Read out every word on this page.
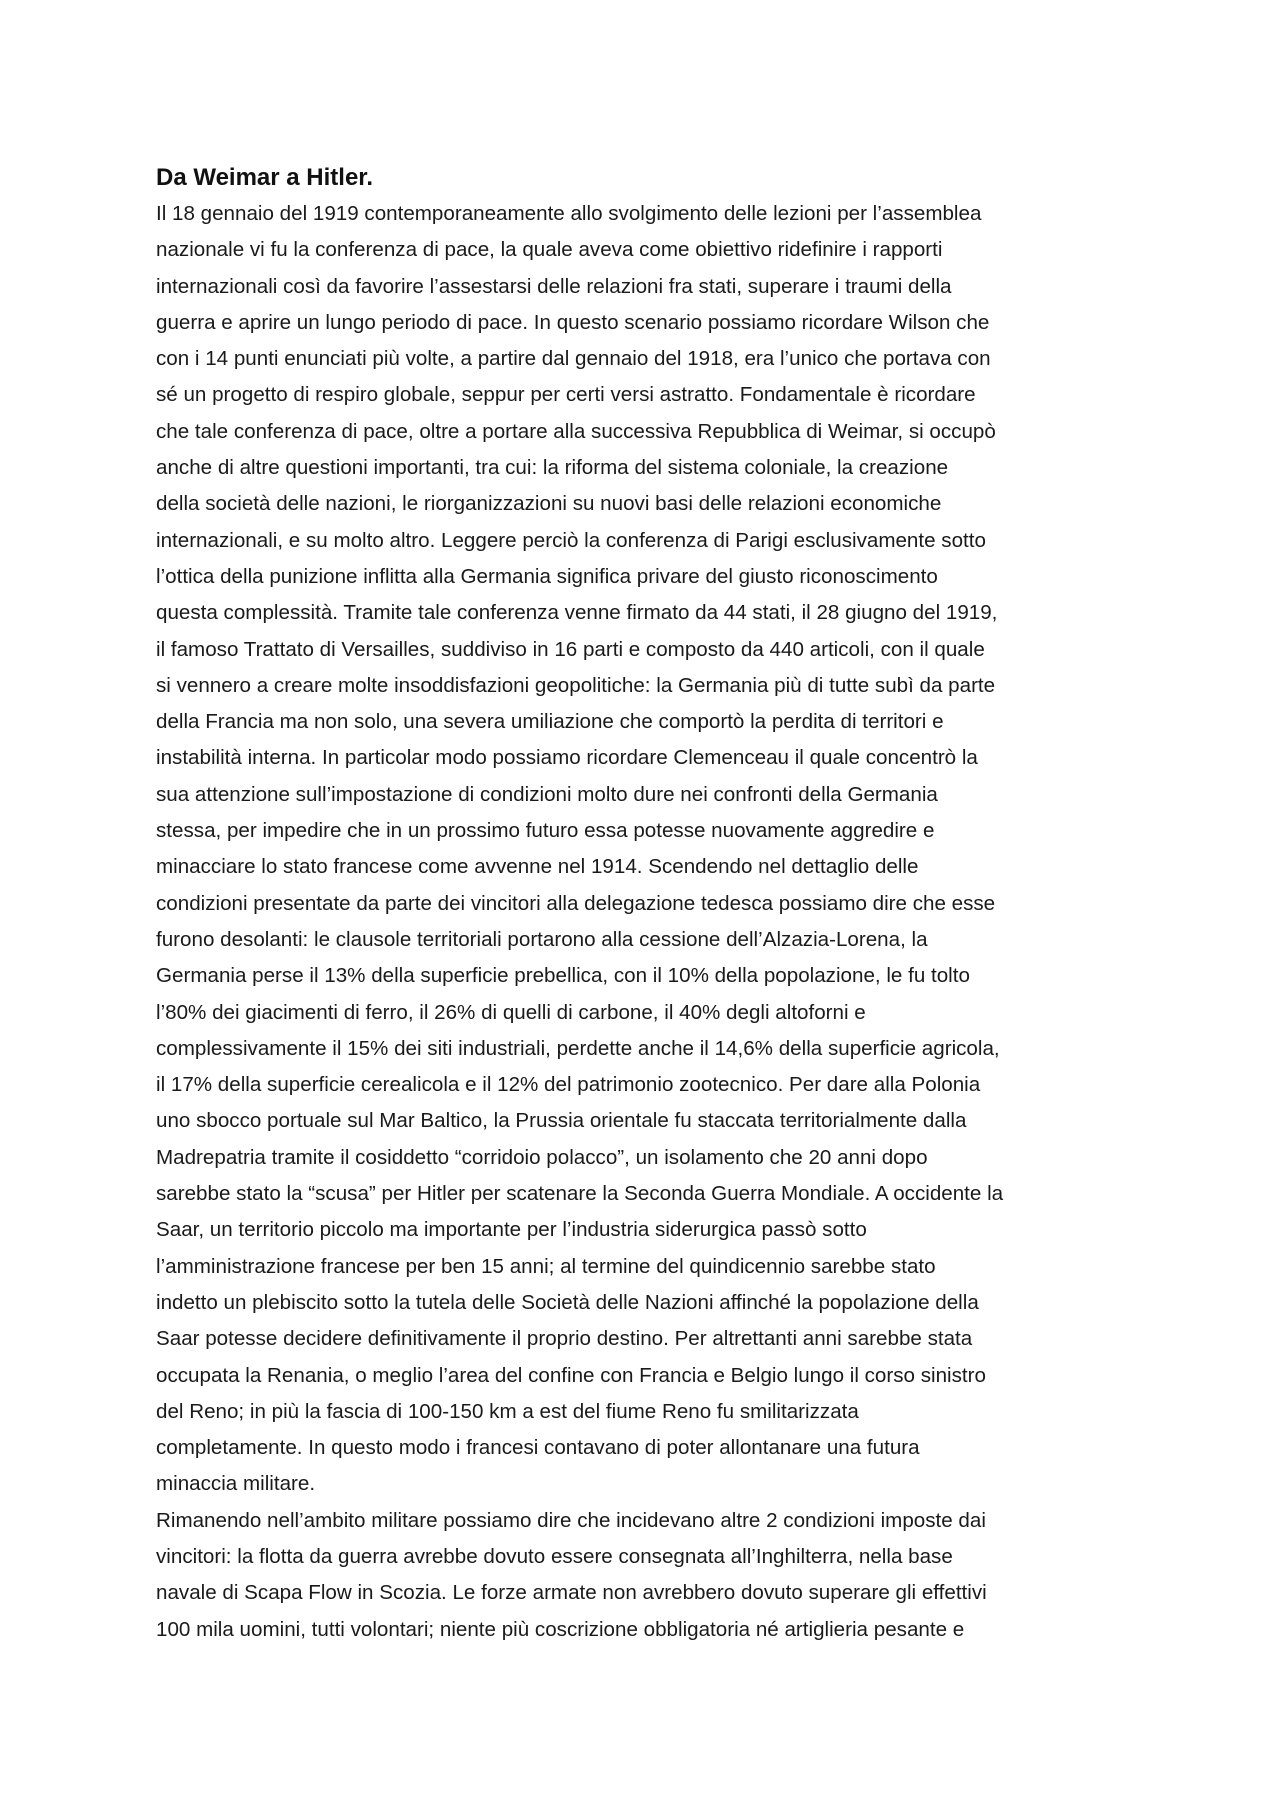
Da Weimar a Hitler.

Il 18 gennaio del 1919 contemporaneamente allo svolgimento delle lezioni per l’assemblea
nazionale vi fu la conferenza di pace, la quale aveva come obiettivo ridefinire i rapporti
internazionali così da favorire l’assestarsi delle relazioni fra stati, superare i traumi della
guerra e aprire un lungo periodo di pace. In questo scenario possiamo ricordare Wilson che
con i 14 punti enunciati più volte, a partire dal gennaio del 1918, era l’unico che portava con
sé un progetto di respiro globale, seppur per certi versi astratto. Fondamentale è ricordare
che tale conferenza di pace, oltre a portare alla successiva Repubblica di Weimar, si occupò
anche di altre questioni importanti, tra cui: la riforma del sistema coloniale, la creazione
della società delle nazioni, le riorganizzazioni su nuovi basi delle relazioni economiche
internazionali, e su molto altro. Leggere perciò la conferenza di Parigi esclusivamente sotto
l’ottica della punizione inflitta alla Germania significa privare del giusto riconoscimento
questa complessità. Tramite tale conferenza venne firmato da 44 stati, il 28 giugno del 1919,
il famoso Trattato di Versailles, suddiviso in 16 parti e composto da 440 articoli, con il quale
si vennero a creare molte insoddisfazioni geopolitiche: la Germania più di tutte subì da parte
della Francia ma non solo, una severa umiliazione che comportò la perdita di territori e
instabilità interna. In particolar modo possiamo ricordare Clemenceau il quale concentrò la
sua attenzione sull’impostazione di condizioni molto dure nei confronti della Germania
stessa, per impedire che in un prossimo futuro essa potesse nuovamente aggredire e
minacciare lo stato francese come avvenne nel 1914. Scendendo nel dettaglio delle
condizioni presentate da parte dei vincitori alla delegazione tedesca possiamo dire che esse
furono desolanti: le clausole territoriali portarono alla cessione dell’Alzazia-Lorena, la
Germania perse il 13% della superficie prebellica, con il 10% della popolazione, le fu tolto
l’80% dei giacimenti di ferro, il 26% di quelli di carbone, il 40% degli altoforni e
complessivamente il 15% dei siti industriali, perdette anche il 14,6% della superficie agricola,
il 17% della superficie cerealicola e il 12% del patrimonio zootecnico. Per dare alla Polonia
uno sbocco portuale sul Mar Baltico, la Prussia orientale fu staccata territorialmente dalla
Madrepatria tramite il cosiddetto “corridoio polacco”, un isolamento che 20 anni dopo
sarebbe stato la “scusa” per Hitler per scatenare la Seconda Guerra Mondiale. A occidente la
Saar, un territorio piccolo ma importante per l’industria siderurgica passò sotto
l’amministrazione francese per ben 15 anni; al termine del quindicennio sarebbe stato
indetto un plebiscito sotto la tutela delle Società delle Nazioni affinché la popolazione della
Saar potesse decidere definitivamente il proprio destino. Per altrettanti anni sarebbe stata
occupata la Renania, o meglio l’area del confine con Francia e Belgio lungo il corso sinistro
del Reno; in più la fascia di 100-150 km a est del fiume Reno fu smilitarizzata
completamente. In questo modo i francesi contavano di poter allontanare una futura
minaccia militare.

Rimanendo nell’ambito militare possiamo dire che incidevano altre 2 condizioni imposte dai
vincitori: la flotta da guerra avrebbe dovuto essere consegnata all’Inghilterra, nella base
navale di Scapa Flow in Scozia. Le forze armate non avrebbero dovuto superare gli effettivi
100 mila uomini, tutti volontari; niente più coscrizione obbligatoria né artiglieria pesante e
